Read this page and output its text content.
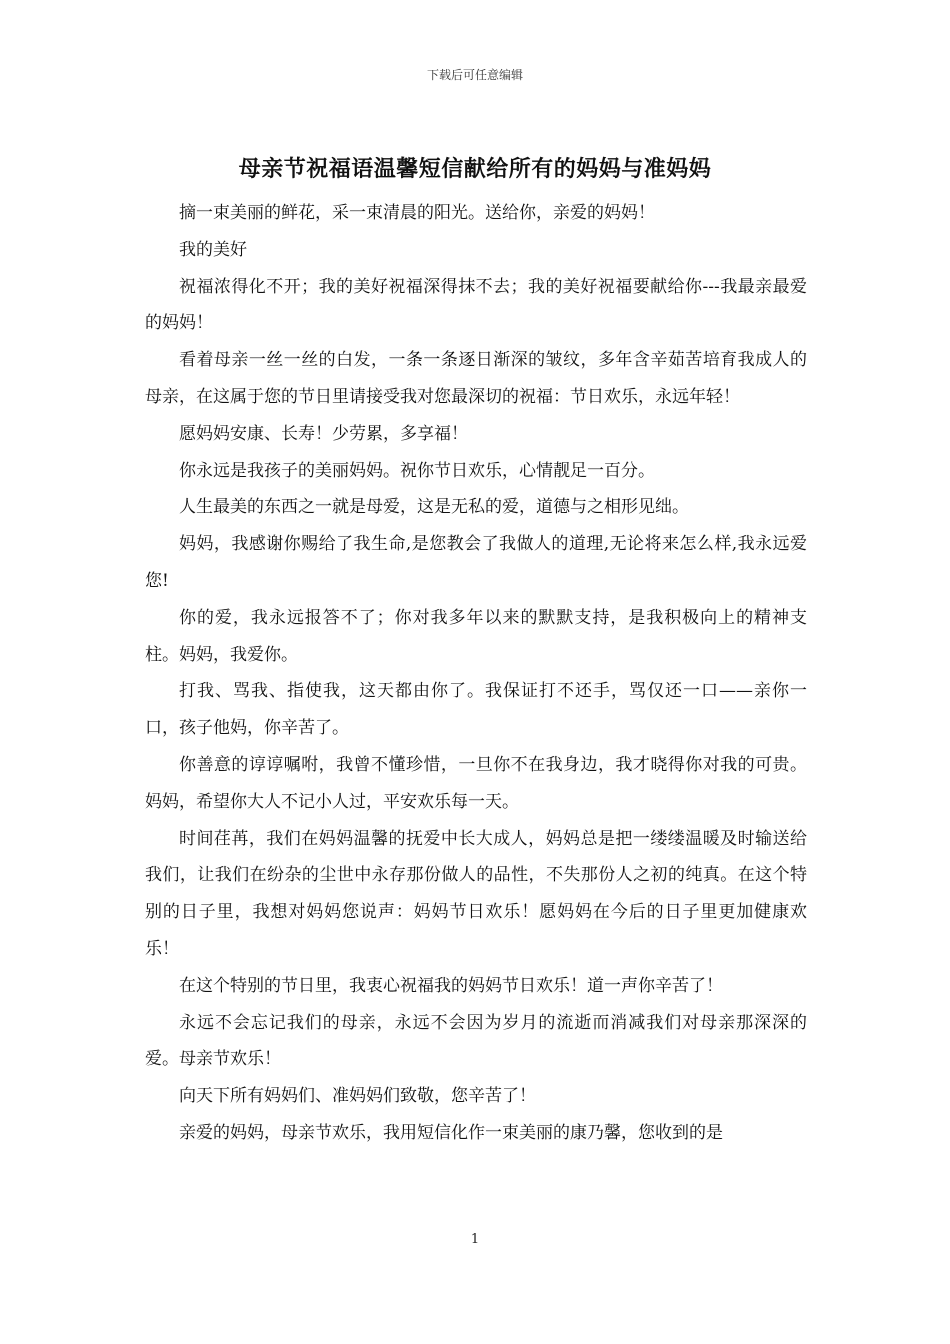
下载后可任意编辑
母亲节祝福语温馨短信献给所有的妈妈与准妈妈

摘一束美丽的鲜花，采一束清晨的阳光。送给你，亲爱的妈妈！

我的美好

祝福浓得化不开；我的美好祝福深得抹不去；我的美好祝福要献给你---我最亲最爱的妈妈！

看着母亲一丝一丝的白发，一条一条逐日渐深的皱纹，多年含辛茹苦培育我成人的母亲，在这属于您的节日里请接受我对您最深切的祝福：节日欢乐，永远年轻！

愿妈妈安康、长寿！少劳累，多享福！

你永远是我孩子的美丽妈妈。祝你节日欢乐，心情靓足一百分。

人生最美的东西之一就是母爱，这是无私的爱，道德与之相形见绌。

妈妈，我感谢你赐给了我生命,是您教会了我做人的道理,无论将来怎么样,我永远爱您!

你的爱，我永远报答不了；你对我多年以来的默默支持，是我积极向上的精神支柱。妈妈，我爱你。

打我、骂我、指使我，这天都由你了。我保证打不还手，骂仅还一口——亲你一口，孩子他妈，你辛苦了。

你善意的谆谆嘱咐，我曾不懂珍惜，一旦你不在我身边，我才晓得你对我的可贵。妈妈，希望你大人不记小人过，平安欢乐每一天。

时间荏苒，我们在妈妈温馨的抚爱中长大成人，妈妈总是把一缕缕温暖及时输送给我们，让我们在纷杂的尘世中永存那份做人的品性，不失那份人之初的纯真。在这个特别的日子里，我想对妈妈您说声：妈妈节日欢乐！愿妈妈在今后的日子里更加健康欢乐！

在这个特别的节日里，我衷心祝福我的妈妈节日欢乐！道一声你辛苦了！

永远不会忘记我们的母亲，永远不会因为岁月的流逝而消减我们对母亲那深深的爱。母亲节欢乐！

向天下所有妈妈们、准妈妈们致敬，您辛苦了！

亲爱的妈妈，母亲节欢乐，我用短信化作一束美丽的康乃馨，您收到的是

1
